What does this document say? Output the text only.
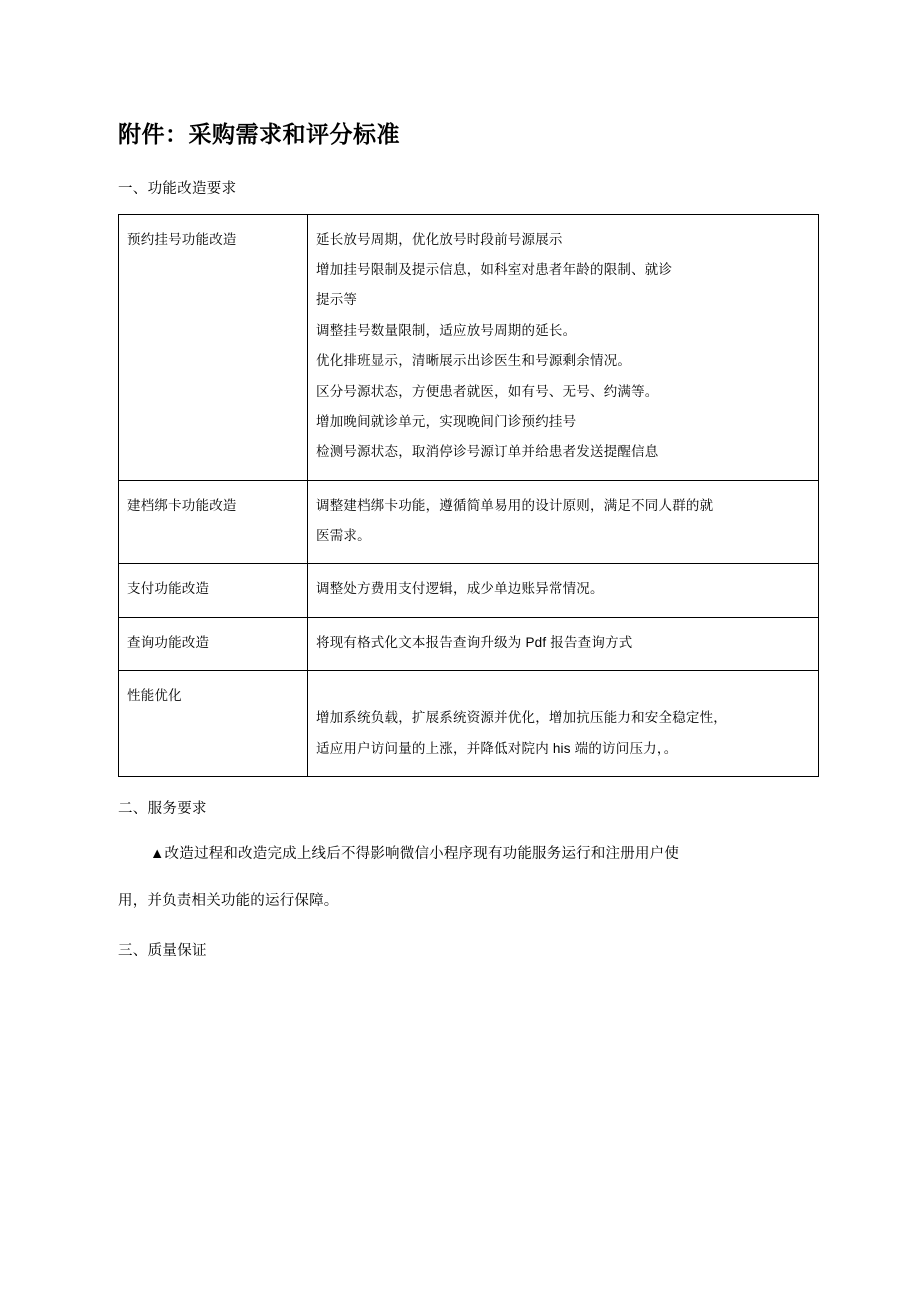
附件：采购需求和评分标准
一、功能改造要求
预约挂号功能改造	延长放号周期，优化放号时段前号源展示

增加挂号限制及提示信息，如科室对患者年龄的限制、就诊

提示等

调整挂号数量限制，适应放号周期的延长。

优化排班显示，清晰展示出诊医生和号源剩余情况。

区分号源状态，方便患者就医，如有号、无号、约满等。

增加晚间就诊单元，实现晚间门诊预约挂号

检测号源状态，取消停诊号源订单并给患者发送提醒信息

建档绑卡功能改造	调整建档绑卡功能，遵循简单易用的设计原则，满足不同人群的就

医需求。

支付功能改造	调整处方费用支付逻辑，成少单边账异常情况。

查询功能改造	将现有格式化文本报告查询升级为 Pdf 报告查询方式

性能优化	增加系统负载，扩展系统资源并优化，增加抗压能力和安全稳定性，

适应用户访问量的上涨，并降低对院内 his 端的访问压力，。

二、服务要求
▲改造过程和改造完成上线后不得影响微信小程序现有功能服务运行和注册用户使
用，并负责相关功能的运行保障。
三、质量保证
